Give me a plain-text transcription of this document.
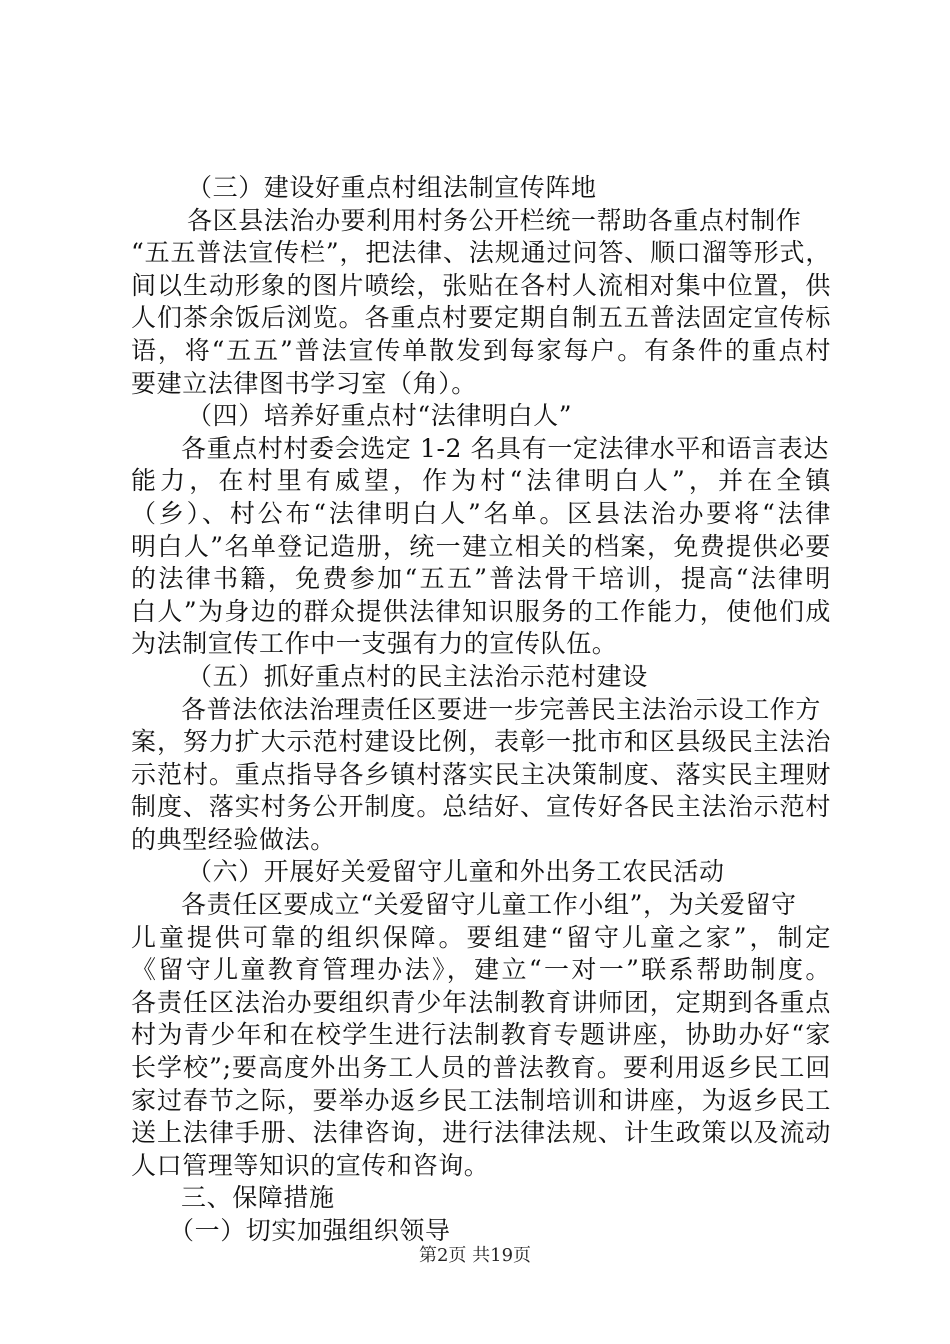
（三）建设好重点村组法制宣传阵地
各区县法治办要利用村务公开栏统一帮助各重点村制作
“五五普法宣传栏”，把法律、法规通过问答、顺口溜等形式，
间以生动形象的图片喷绘，张贴在各村人流相对集中位置，供
人们茶余饭后浏览。各重点村要定期自制五五普法固定宣传标
语，将“五五”普法宣传单散发到每家每户。有条件的重点村
要建立法律图书学习室（角）。
（四）培养好重点村“法律明白人”
各重点村村委会选定 1-2 名具有一定法律水平和语言表达
能力，在村里有威望，作为村“法律明白人”，并在全镇
（乡）、村公布“法律明白人”名单。区县法治办要将“法律
明白人”名单登记造册，统一建立相关的档案，免费提供必要
的法律书籍，免费参加“五五”普法骨干培训，提高“法律明
白人”为身边的群众提供法律知识服务的工作能力，使他们成
为法制宣传工作中一支强有力的宣传队伍。
（五）抓好重点村的民主法治示范村建设
各普法依法治理责任区要进一步完善民主法治示设工作方
案，努力扩大示范村建设比例，表彰一批市和区县级民主法治
示范村。重点指导各乡镇村落实民主决策制度、落实民主理财
制度、落实村务公开制度。总结好、宣传好各民主法治示范村
的典型经验做法。
（六）开展好关爱留守儿童和外出务工农民活动
各责任区要成立“关爱留守儿童工作小组”，为关爱留守
儿童提供可靠的组织保障。要组建“留守儿童之家”，制定
《留守儿童教育管理办法》，建立“一对一”联系帮助制度。
各责任区法治办要组织青少年法制教育讲师团，定期到各重点
村为青少年和在校学生进行法制教育专题讲座，协助办好“家
长学校”;要高度外出务工人员的普法教育。要利用返乡民工回
家过春节之际，要举办返乡民工法制培训和讲座，为返乡民工
送上法律手册、法律咨询，进行法律法规、计生政策以及流动
人口管理等知识的宣传和咨询。
三、保障措施
（一）切实加强组织领导
第2页 共19页
